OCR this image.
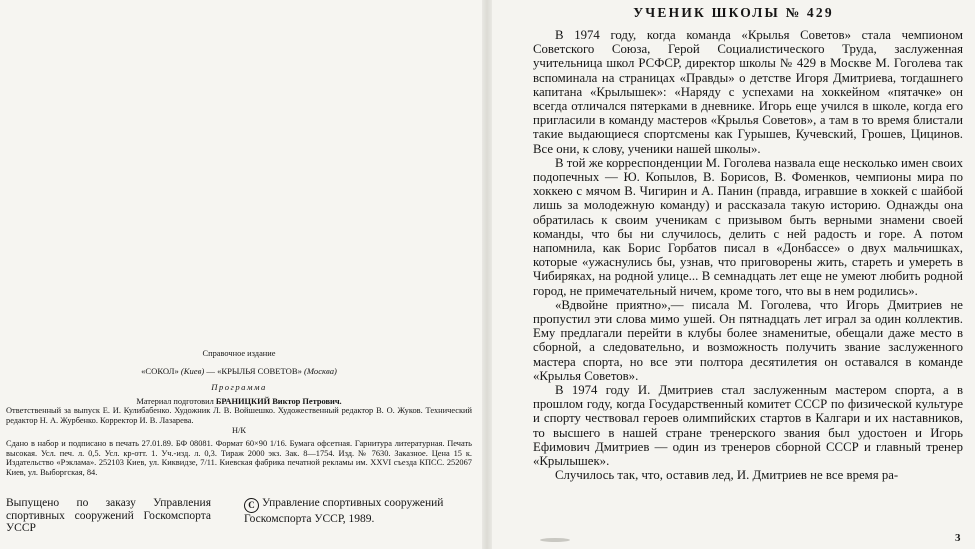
Справочное издание
«СОКОЛ» (Киев) — «КРЫЛЬЯ СОВЕТОВ» (Москва)
Программа
Материал подготовил БРАНИЦКИЙ Виктор Петрович.

Ответственный за выпуск Е. И. Кулибабенко. Художник Л. В. Войшешко. Художественный редактор В. О. Жуков. Технический редактор Н. А. Журбенко. Корректор И. В. Лазарева.

Н/К

Сдано в набор и подписано в печать 27.01.89. БФ 08081. Формат 60×90 1/16. Бумага офсетная. Гарнитура литературная. Печать высокая. Усл. печ. л. 0,5. Усл. кр-отт. 1. Уч.-изд. л. 0,3. Тираж 2000 экз. Зак. 8—1754. Изд. № 7630. Заказное. Цена 15 к. Издательство «Рэклама». 252103 Киев, ул. Киквидзе, 7/11. Киевская фабрика печатной рекламы им. XXVI съезда КПСС. 252067 Киев, ул. Выборгская, 84.

Выпущено по заказу Управления спортивных сооружений Госкомспорта УССР
C Управление спортивных сооружений Госкомспорта УССР, 1989.
УЧЕНИК ШКОЛЫ № 429

В 1974 году, когда команда «Крылья Советов» стала чемпионом Советского Союза, Герой Социалистического Труда, заслуженная учительница школ РСФСР, директор школы № 429 в Москве М. Гоголева так вспоминала на страницах «Правды» о детстве Игоря Дмитриева, тогдашнего капитана «Крылышек»: «Наряду с успехами на хоккейном «пятачке» он всегда отличался пятерками в дневнике. Игорь еще учился в школе, когда его пригласили в команду мастеров «Крылья Советов», а там в то время блистали такие выдающиеся спортсмены как Гурышев, Кучевский, Грошев, Цицинов. Все они, к слову, ученики нашей школы».

В той же корреспонденции М. Гоголева назвала еще несколько имен своих подопечных — Ю. Копылов, В. Борисов, В. Фоменков, чемпионы мира по хоккею с мячом В. Чигирин и А. Панин (правда, игравшие в хоккей с шайбой лишь за молодежную команду) и рассказала такую историю. Однажды она обратилась к своим ученикам с призывом быть верными знамени своей команды, что бы ни случилось, делить с ней радость и горе. А потом напомнила, как Борис Горбатов писал в «Донбассе» о двух мальчишках, которые «ужаснулись бы, узнав, что приговорены жить, стареть и умереть в Чибиряках, на родной улице... В семнадцать лет еще не умеют любить родной город, не примечательный ничем, кроме того, что вы в нем родились».

«Вдвойне приятно»,— писала М. Гоголева, что Игорь Дмитриев не пропустил эти слова мимо ушей. Он пятнадцать лет играл за один коллектив. Ему предлагали перейти в клубы более знаменитые, обещали даже место в сборной, а следовательно, и возможность получить звание заслуженного мастера спорта, но все эти полтора десятилетия он оставался в команде «Крылья Советов».

В 1974 году И. Дмитриев стал заслуженным мастером спорта, а в прошлом году, когда Государственный комитет СССР по физической культуре и спорту чествовал героев олимпийских стартов в Калгари и их наставников, то высшего в нашей стране тренерского звания был удостоен и Игорь Ефимович Дмитриев — один из тренеров сборной СССР и главный тренер «Крылышек».

Случилось так, что, оставив лед, И. Дмитриев не все время ра-

3
